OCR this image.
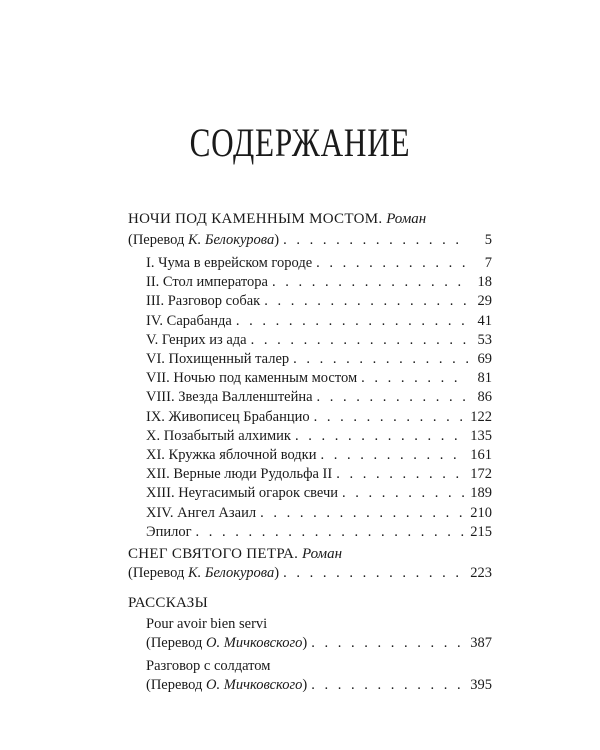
СОДЕРЖАНИЕ
НОЧИ ПОД КАМЕННЫМ МОСТОМ. Роман
(Перевод К. Белокурова) . . .	5
I. Чума в еврейском городе . . .	7
II. Стол императора . . .	18
III. Разговор собак . . .	29
IV. Сарабанда . . .	41
V. Генрих из ада . . .	53
VI. Похищенный талер . . .	69
VII. Ночью под каменным мостом . . .	81
VIII. Звезда Валленштейна . . .	86
IX. Живописец Брабанцио . . .	122
X. Позабытый алхимик . . .	135
XI. Кружка яблочной водки . . .	161
XII. Верные люди Рудольфа II . . .	172
XIII. Неугасимый огарок свечи . . .	189
XIV. Ангел Азаил . . .	210
Эпилог . . .	215
СНЕГ СВЯТОГО ПЕТРА. Роман
(Перевод К. Белокурова) . . .	223
РАССКАЗЫ
Pour avoir bien servi
(Перевод О. Мичковского) . . .	387
Разговор с солдатом
(Перевод О. Мичковского) . . .	395
